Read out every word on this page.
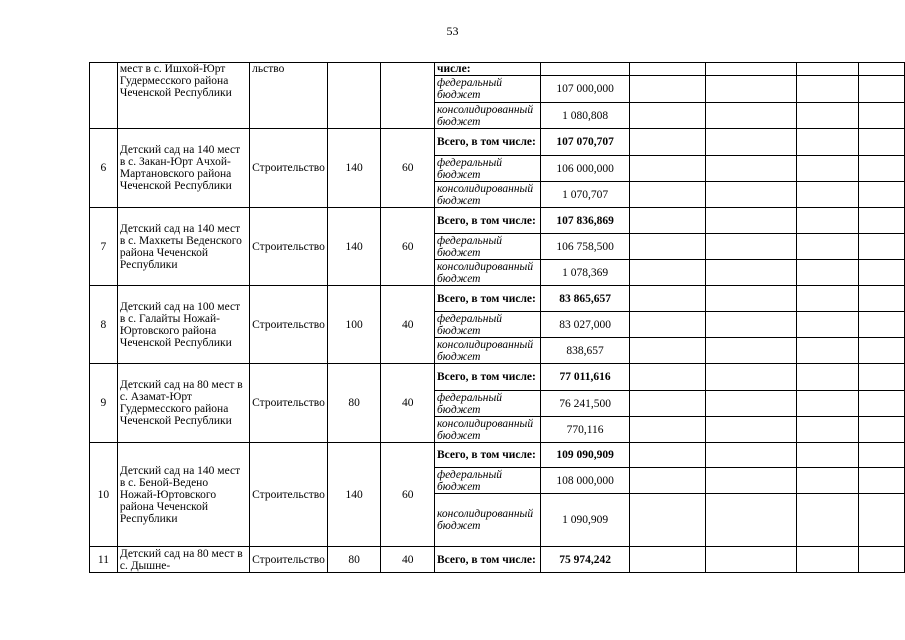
53
	мест в с. Ишхой-Юрт Гудермесского района Чеченской Республики	льство			числе:					
					федеральный бюджет	107 000,000				
					консолидированный бюджет	1 080,808				
6	Детский сад на 140 мест в с. Закан-Юрт Ачхой-Мартановского района Чеченской Республики	Строительство	140	60	Всего, в том числе:	107 070,707				
					федеральный бюджет	106 000,000				
					консолидированный бюджет	1 070,707				
7	Детский сад на 140 мест в с. Махкеты Веденского района Чеченской Республики	Строительство	140	60	Всего, в том числе:	107 836,869				
					федеральный бюджет	106 758,500				
					консолидированный бюджет	1 078,369				
8	Детский сад на 100 мест в с. Галайты Ножай-Юртовского района Чеченской Республики	Строительство	100	40	Всего, в том числе:	83 865,657				
					федеральный бюджет	83 027,000				
					консолидированный бюджет	838,657				
9	Детский сад на 80 мест в с. Азамат-Юрт Гудермесского района Чеченской Республики	Строительство	80	40	Всего, в том числе:	77 011,616				
					федеральный бюджет	76 241,500				
					консолидированный бюджет	770,116				
10	Детский сад на 140 мест в с. Беной-Ведено Ножай-Юртовского района Чеченской Республики	Строительство	140	60	Всего, в том числе:	109 090,909				
					федеральный бюджет	108 000,000				
					консолидированный бюджет	1 090,909				
11	Детский сад на 80 мест в с. Дышне-	Строительство	80	40	Всего, в том числе:	75 974,242				
